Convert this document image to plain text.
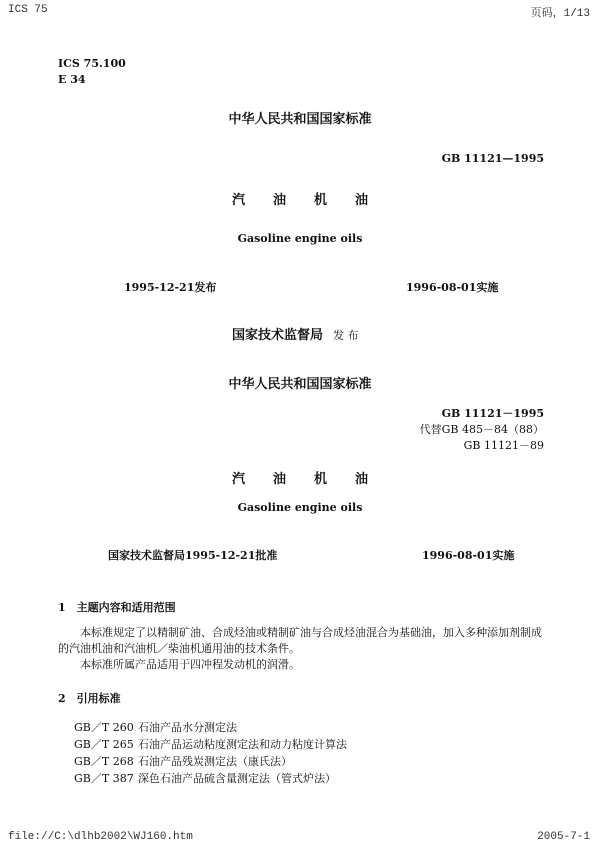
ICS 75	页码，1/13
ICS 75.100
E 34
中华人民共和国国家标准
GB 11121—1995
汽油机油
Gasoline engine oils
1995-12-21发布	1996-08-01实施
国家技术监督局 发 布
中华人民共和国国家标准
GB 11121－1995
代替GB 485－84（88）
GB 11121－89
汽油机油
Gasoline engine oils
国家技术监督局1995-12-21批准	1996-08-01实施
1　主题内容和适用范围
本标准规定了以精制矿油、合成烃油或精制矿油与合成烃油混合为基础油，加入多种添加剂制成的汽油机油和汽油机／柴油机通用油的技术条件。
本标准所属产品适用于四冲程发动机的润滑。
2　引用标准
GB／T 260 石油产品水分测定法
GB／T 265 石油产品运动粘度测定法和动力粘度计算法
GB／T 268 石油产品残炭测定法（康氏法）
GB／T 387 深色石油产品硫含量测定法（管式炉法）
file://C:\dlhb2002\WJ160.htm	2005-7-1
